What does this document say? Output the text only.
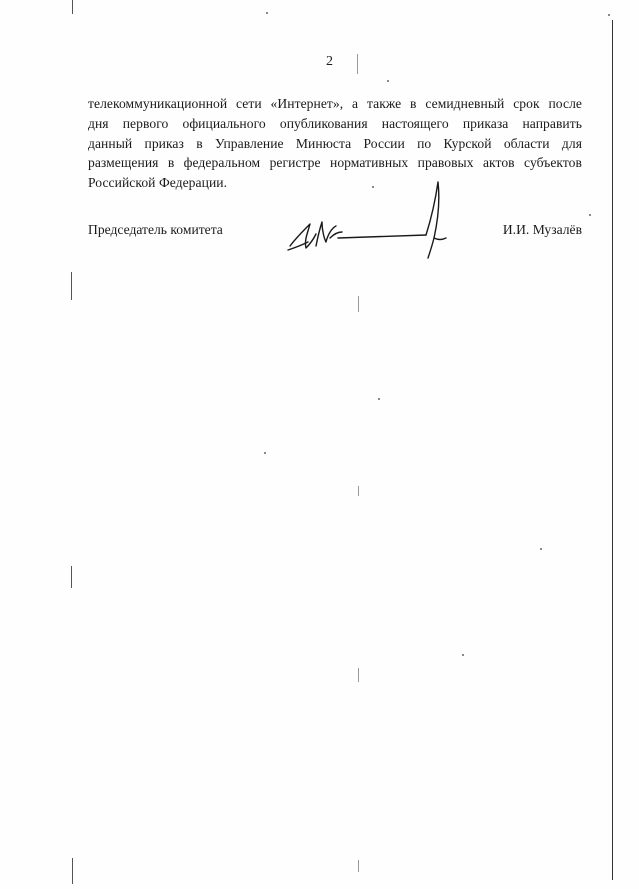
2
телекоммуникационной сети «Интернет», а также в семидневный срок после
дня первого официального опубликования настоящего приказа направить
данный приказ в Управление Минюста России по Курской области для
размещения в федеральном регистре нормативных правовых актов субъектов
Российской Федерации.
Председатель комитета	И.И. Музалёв
